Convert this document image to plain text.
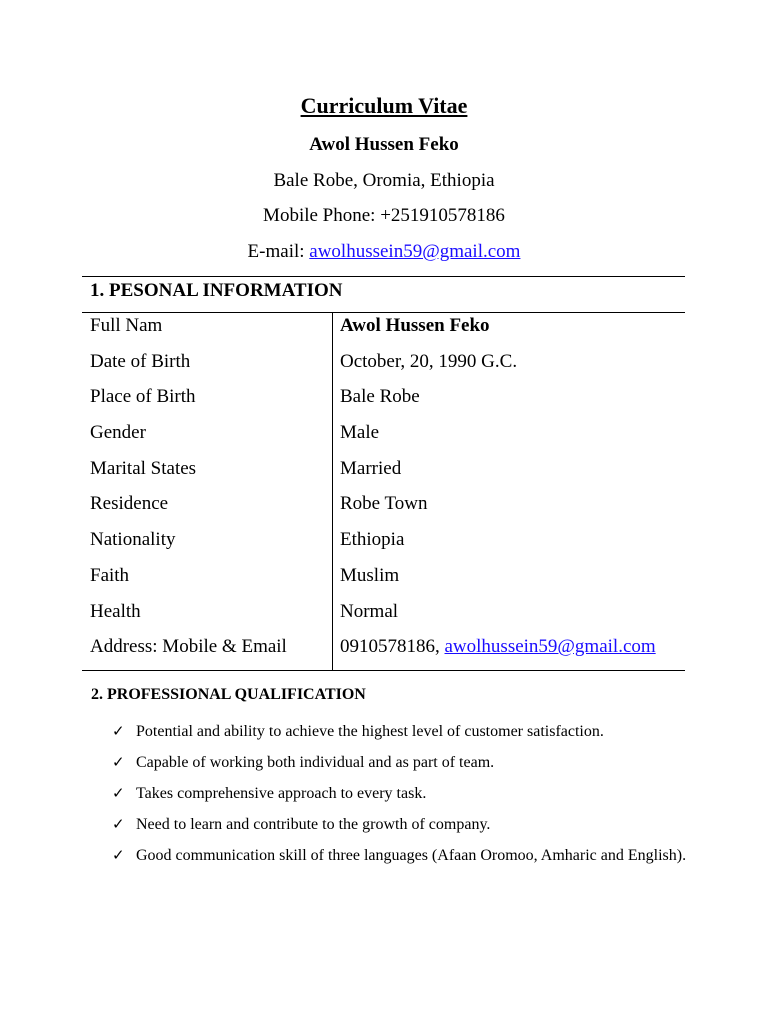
Curriculum Vitae
Awol Hussen Feko
Bale Robe, Oromia, Ethiopia
Mobile Phone: +251910578186
E-mail: awolhussein59@gmail.com
1. PESONAL INFORMATION
Full Nam	Awol Hussen Feko
Date of Birth	October, 20, 1990 G.C.
Place of Birth	Bale Robe
Gender	Male
Marital States	Married
Residence	Robe Town
Nationality	Ethiopia
Faith	Muslim
Health	Normal
Address: Mobile & Email	0910578186, awolhussein59@gmail.com
2. PROFESSIONAL QUALIFICATION
✓ Potential and ability to achieve the highest level of customer satisfaction.
✓ Capable of working both individual and as part of team.
✓ Takes comprehensive approach to every task.
✓ Need to learn and contribute to the growth of company.
✓ Good communication skill of three languages (Afaan Oromoo, Amharic and English).
